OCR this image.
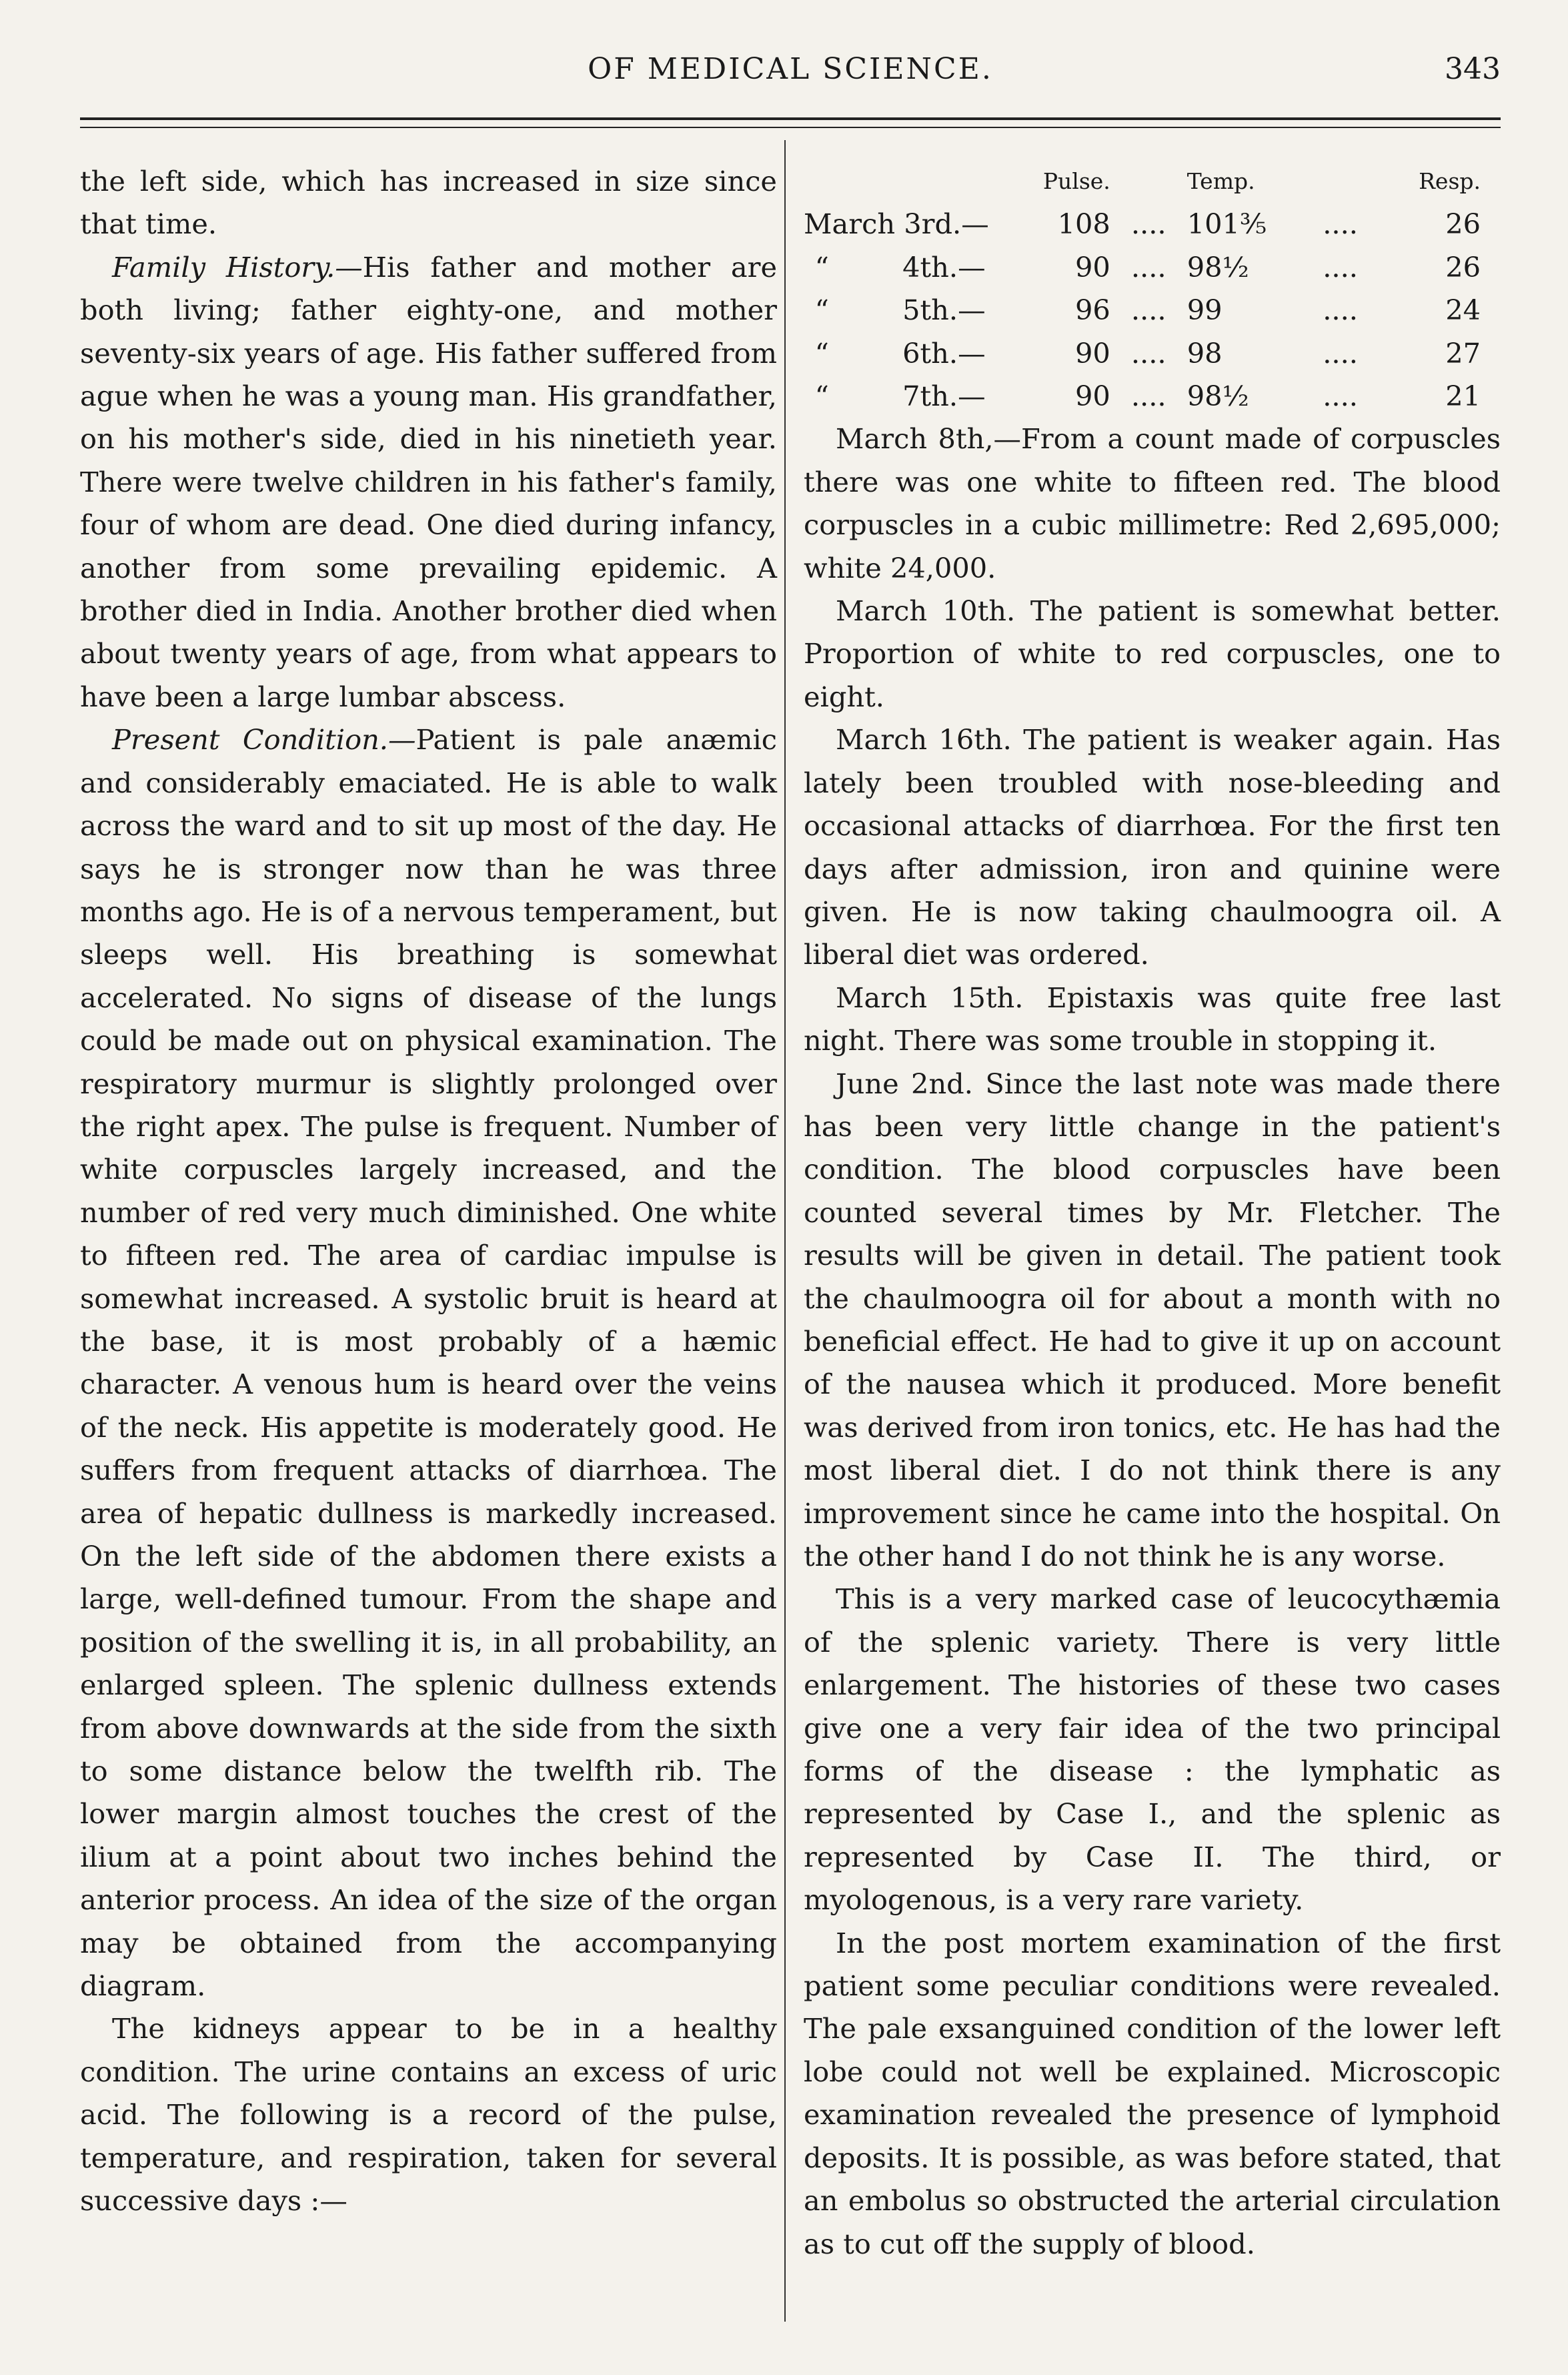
OF MEDICAL SCIENCE.	343

the left side, which has increased in size since that time.

Family History.—His father and mother are both living; father eighty-one, and mother seventy-six years of age. His father suffered from ague when he was a young man. His grandfather, on his mother's side, died in his ninetieth year. There were twelve children in his father's family, four of whom are dead. One died during infancy, another from some prevailing epidemic. A brother died in India. Another brother died when about twenty years of age, from what appears to have been a large lumbar abscess.

Present Condition.—Patient is pale anæmic and considerably emaciated. He is able to walk across the ward and to sit up most of the day. He says he is stronger now than he was three months ago. He is of a nervous temperament, but sleeps well. His breathing is somewhat accelerated. No signs of disease of the lungs could be made out on physical examination. The respiratory murmur is slightly prolonged over the right apex. The pulse is frequent. Number of white corpuscles largely increased, and the number of red very much diminished. One white to fifteen red. The area of cardiac impulse is somewhat increased. A systolic bruit is heard at the base, it is most probably of a hæmic character. A venous hum is heard over the veins of the neck. His appetite is moderately good. He suffers from frequent attacks of diarrhœa. The area of hepatic dullness is markedly increased. On the left side of the abdomen there exists a large, well-defined tumour. From the shape and position of the swelling it is, in all probability, an enlarged spleen. The splenic dullness extends from above downwards at the side from the sixth to some distance below the twelfth rib. The lower margin almost touches the crest of the ilium at a point about two inches behind the anterior process. An idea of the size of the organ may be obtained from the accompanying diagram.

The kidneys appear to be in a healthy condition. The urine contains an excess of uric acid. The following is a record of the pulse, temperature, and respiration, taken for several successive days :—

	Pulse.		Temp.		Resp.
March 3rd.—	108	....	101⅗	....	26
“ 4th.—	90	....	98½	....	26
“ 5th.—	96	....	99	....	24
“ 6th.—	90	....	98	....	27
“ 7th.—	90	....	98½	....	21

March 8th,—From a count made of corpuscles there was one white to fifteen red. The blood corpuscles in a cubic millimetre: Red 2,695,000; white 24,000.

March 10th. The patient is somewhat better. Proportion of white to red corpuscles, one to eight.

March 16th. The patient is weaker again. Has lately been troubled with nose-bleeding and occasional attacks of diarrhœa. For the first ten days after admission, iron and quinine were given. He is now taking chaulmoogra oil. A liberal diet was ordered.

March 15th. Epistaxis was quite free last night. There was some trouble in stopping it.

June 2nd. Since the last note was made there has been very little change in the patient's condition. The blood corpuscles have been counted several times by Mr. Fletcher. The results will be given in detail. The patient took the chaulmoogra oil for about a month with no beneficial effect. He had to give it up on account of the nausea which it produced. More benefit was derived from iron tonics, etc. He has had the most liberal diet. I do not think there is any improvement since he came into the hospital. On the other hand I do not think he is any worse.

This is a very marked case of leucocythæmia of the splenic variety. There is very little enlargement. The histories of these two cases give one a very fair idea of the two principal forms of the disease : the lymphatic as represented by Case I., and the splenic as represented by Case II. The third, or myologenous, is a very rare variety.

In the post mortem examination of the first patient some peculiar conditions were revealed. The pale exsanguined condition of the lower left lobe could not well be explained. Microscopic examination revealed the presence of lymphoid deposits. It is possible, as was before stated, that an embolus so obstructed the arterial circulation as to cut off the supply of blood.
